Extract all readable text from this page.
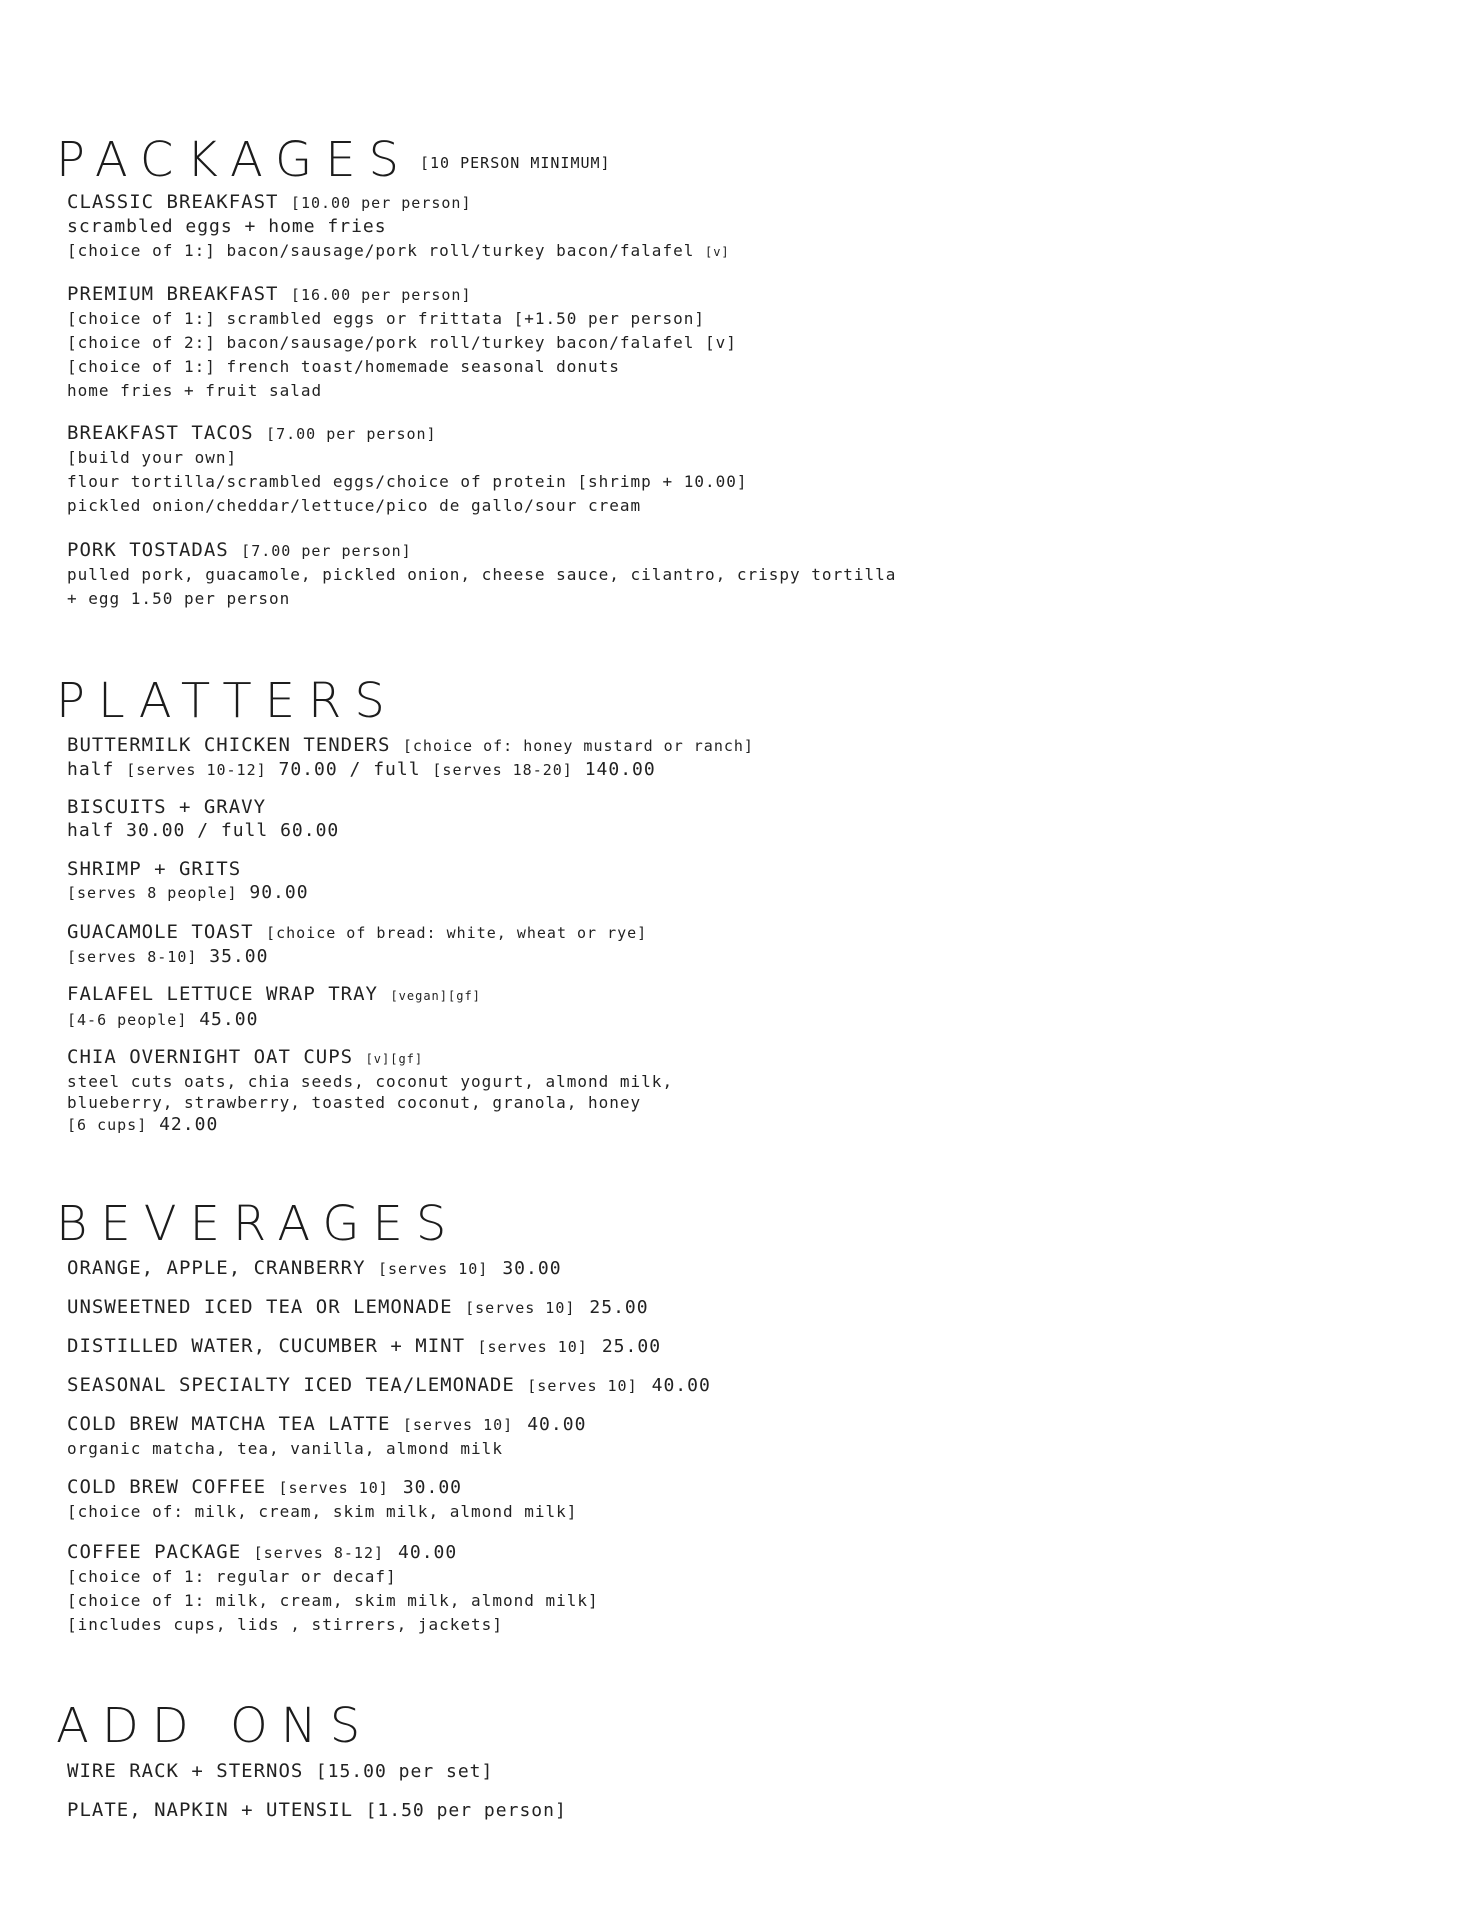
PACKAGES [10 PERSON MINIMUM]
CLASSIC BREAKFAST [10.00 per person]
scrambled eggs + home fries
[choice of 1:] bacon/sausage/pork roll/turkey bacon/falafel [v]
PREMIUM BREAKFAST [16.00 per person]
[choice of 1:] scrambled eggs or frittata [+1.50 per person]
[choice of 2:] bacon/sausage/pork roll/turkey bacon/falafel [v]
[choice of 1:] french toast/homemade seasonal donuts
home fries + fruit salad
BREAKFAST TACOS [7.00 per person]
[build your own]
flour tortilla/scrambled eggs/choice of protein [shrimp + 10.00]
pickled onion/cheddar/lettuce/pico de gallo/sour cream
PORK TOSTADAS [7.00 per person]
pulled pork, guacamole, pickled onion, cheese sauce, cilantro, crispy tortilla
+ egg 1.50 per person
PLATTERS
BUTTERMILK CHICKEN TENDERS [choice of: honey mustard or ranch]
half [serves 10-12] 70.00 / full [serves 18-20] 140.00
BISCUITS + GRAVY
half 30.00 / full 60.00
SHRIMP + GRITS
[serves 8 people] 90.00
GUACAMOLE TOAST [choice of bread: white, wheat or rye]
[serves 8-10] 35.00
FALAFEL LETTUCE WRAP TRAY [vegan][gf]
[4-6 people] 45.00
CHIA OVERNIGHT OAT CUPS [v][gf]
steel cuts oats, chia seeds, coconut yogurt, almond milk,
blueberry, strawberry, toasted coconut, granola, honey
[6 cups] 42.00
BEVERAGES
ORANGE, APPLE, CRANBERRY [serves 10] 30.00
UNSWEETNED ICED TEA OR LEMONADE [serves 10] 25.00
DISTILLED WATER, CUCUMBER + MINT [serves 10] 25.00
SEASONAL SPECIALTY ICED TEA/LEMONADE [serves 10] 40.00
COLD BREW MATCHA TEA LATTE [serves 10] 40.00
organic matcha, tea, vanilla, almond milk
COLD BREW COFFEE [serves 10] 30.00
[choice of: milk, cream, skim milk, almond milk]
COFFEE PACKAGE [serves 8-12] 40.00
[choice of 1: regular or decaf]
[choice of 1: milk, cream, skim milk, almond milk]
[includes cups, lids , stirrers, jackets]
ADD ONS
WIRE RACK + STERNOS [15.00 per set]
PLATE, NAPKIN + UTENSIL [1.50 per person]
